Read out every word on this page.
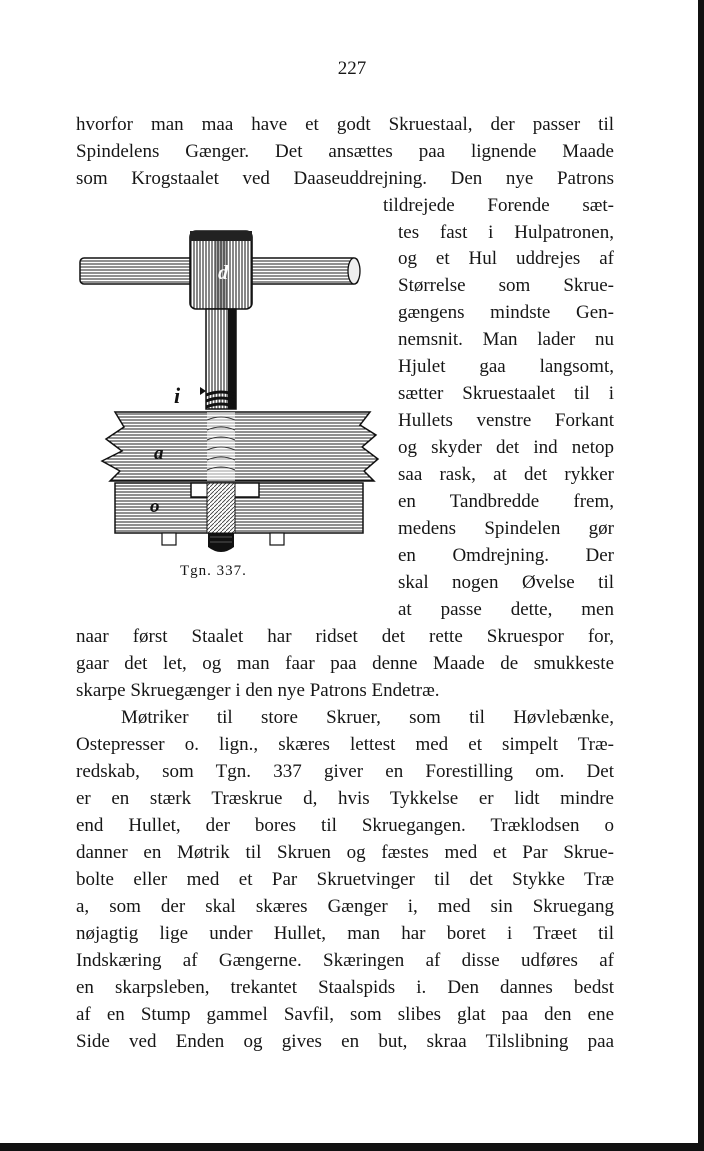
227
hvorfor man maa have et godt Skruestaal, der passer til
Spindelens Gænger. Det ansættes paa lignende Maade
som Krogstaalet ved Daaseuddrejning. Den nye Patrons
tildrejede Forende sæt-
tes fast i Hulpatronen,
og et Hul uddrejes af
Størrelse som Skrue-
gængens mindste Gen-
nemsnit. Man lader nu
Hjulet gaa langsomt,
sætter Skruestaalet til i
Hullets venstre Forkant
og skyder det ind netop
saa rask, at det rykker
en Tandbredde frem,
medens Spindelen gør
en Omdrejning. Der
skal nogen Øvelse til
at passe dette, men
naar først Staalet har ridset det rette Skruespor for,
gaar det let, og man faar paa denne Maade de smukkeste
skarpe Skruegænger i den nye Patrons Endetræ.
Møtriker til store Skruer, som til Høvlebænke,
Ostepresser o. lign., skæres lettest med et simpelt Træ-
redskab, som Tgn. 337 giver en Forestilling om. Det
er en stærk Træskrue d, hvis Tykkelse er lidt mindre
end Hullet, der bores til Skruegangen. Træklodsen o
danner en Møtrik til Skruen og fæstes med et Par Skrue-
bolte eller med et Par Skruetvinger til det Stykke Træ
a, som der skal skæres Gænger i, med sin Skruegang
nøjagtig lige under Hullet, man har boret i Træet til
Indskæring af Gængerne. Skæringen af disse udføres af
en skarpsleben, trekantet Staalspids i. Den dannes bedst
af en Stump gammel Savfil, som slibes glat paa den ene
Side ved Enden og gives en but, skraa Tilslibning paa
d
i
a
o
Tgn. 337.
